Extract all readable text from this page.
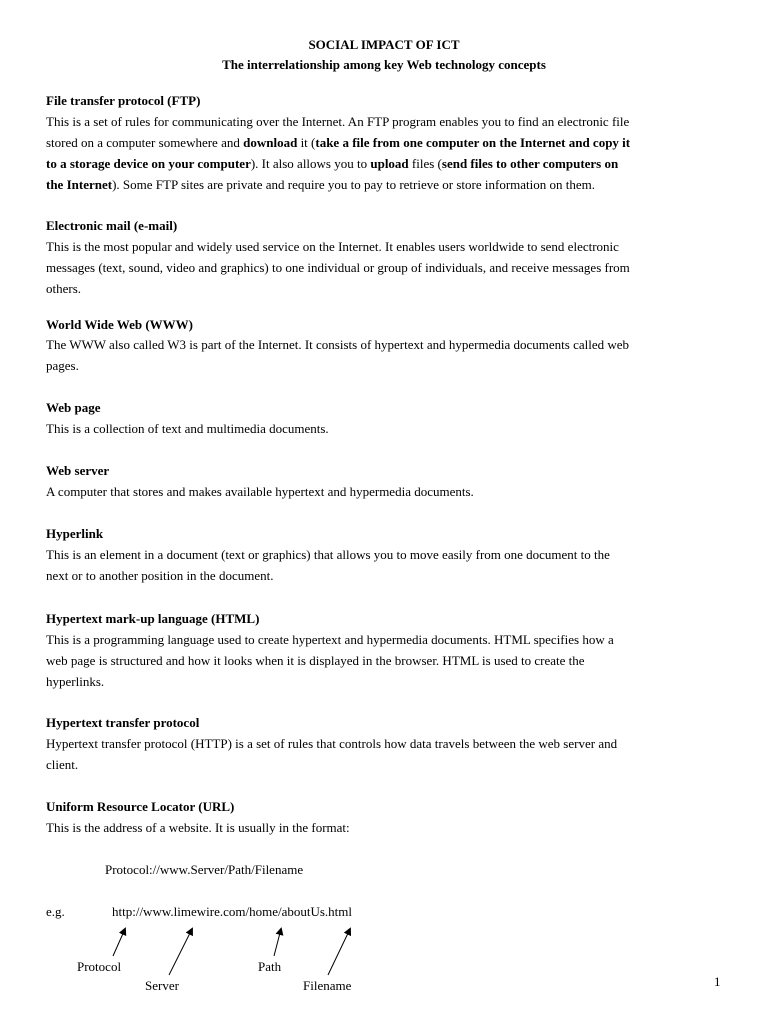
SOCIAL IMPACT OF ICT
The interrelationship among key Web technology concepts
File transfer protocol (FTP)
This is a set of rules for communicating over the Internet. An FTP program enables you to find an electronic file
stored on a computer somewhere and download it (take a file from one computer on the Internet and copy it
to a storage device on your computer). It also allows you to upload files (send files to other computers on
the Internet). Some FTP sites are private and require you to pay to retrieve or store information on them.
Electronic mail (e-mail)
This is the most popular and widely used service on the Internet. It enables users worldwide to send electronic
messages (text, sound, video and graphics) to one individual or group of individuals, and receive messages from
others.
World Wide Web (WWW)
The WWW also called W3 is part of the Internet. It consists of hypertext and hypermedia documents called web
pages.
Web page
This is a collection of text and multimedia documents.
Web server
A computer that stores and makes available hypertext and hypermedia documents.
Hyperlink
This is an element in a document (text or graphics) that allows you to move easily from one document to the
next or to another position in the document.
Hypertext mark-up language (HTML)
This is a programming language used to create hypertext and hypermedia documents. HTML specifies how a
web page is structured and how it looks when it is displayed in the browser. HTML is used to create the
hyperlinks.
Hypertext transfer protocol
Hypertext transfer protocol (HTTP) is a set of rules that controls how data travels between the web server and
client.
Uniform Resource Locator (URL)
This is the address of a website. It is usually in the format:
Protocol://www.Server/Path/Filename
e.g.	http://www.limewire.com/home/aboutUs.html
Protocol
Server
Path
Filename	1
